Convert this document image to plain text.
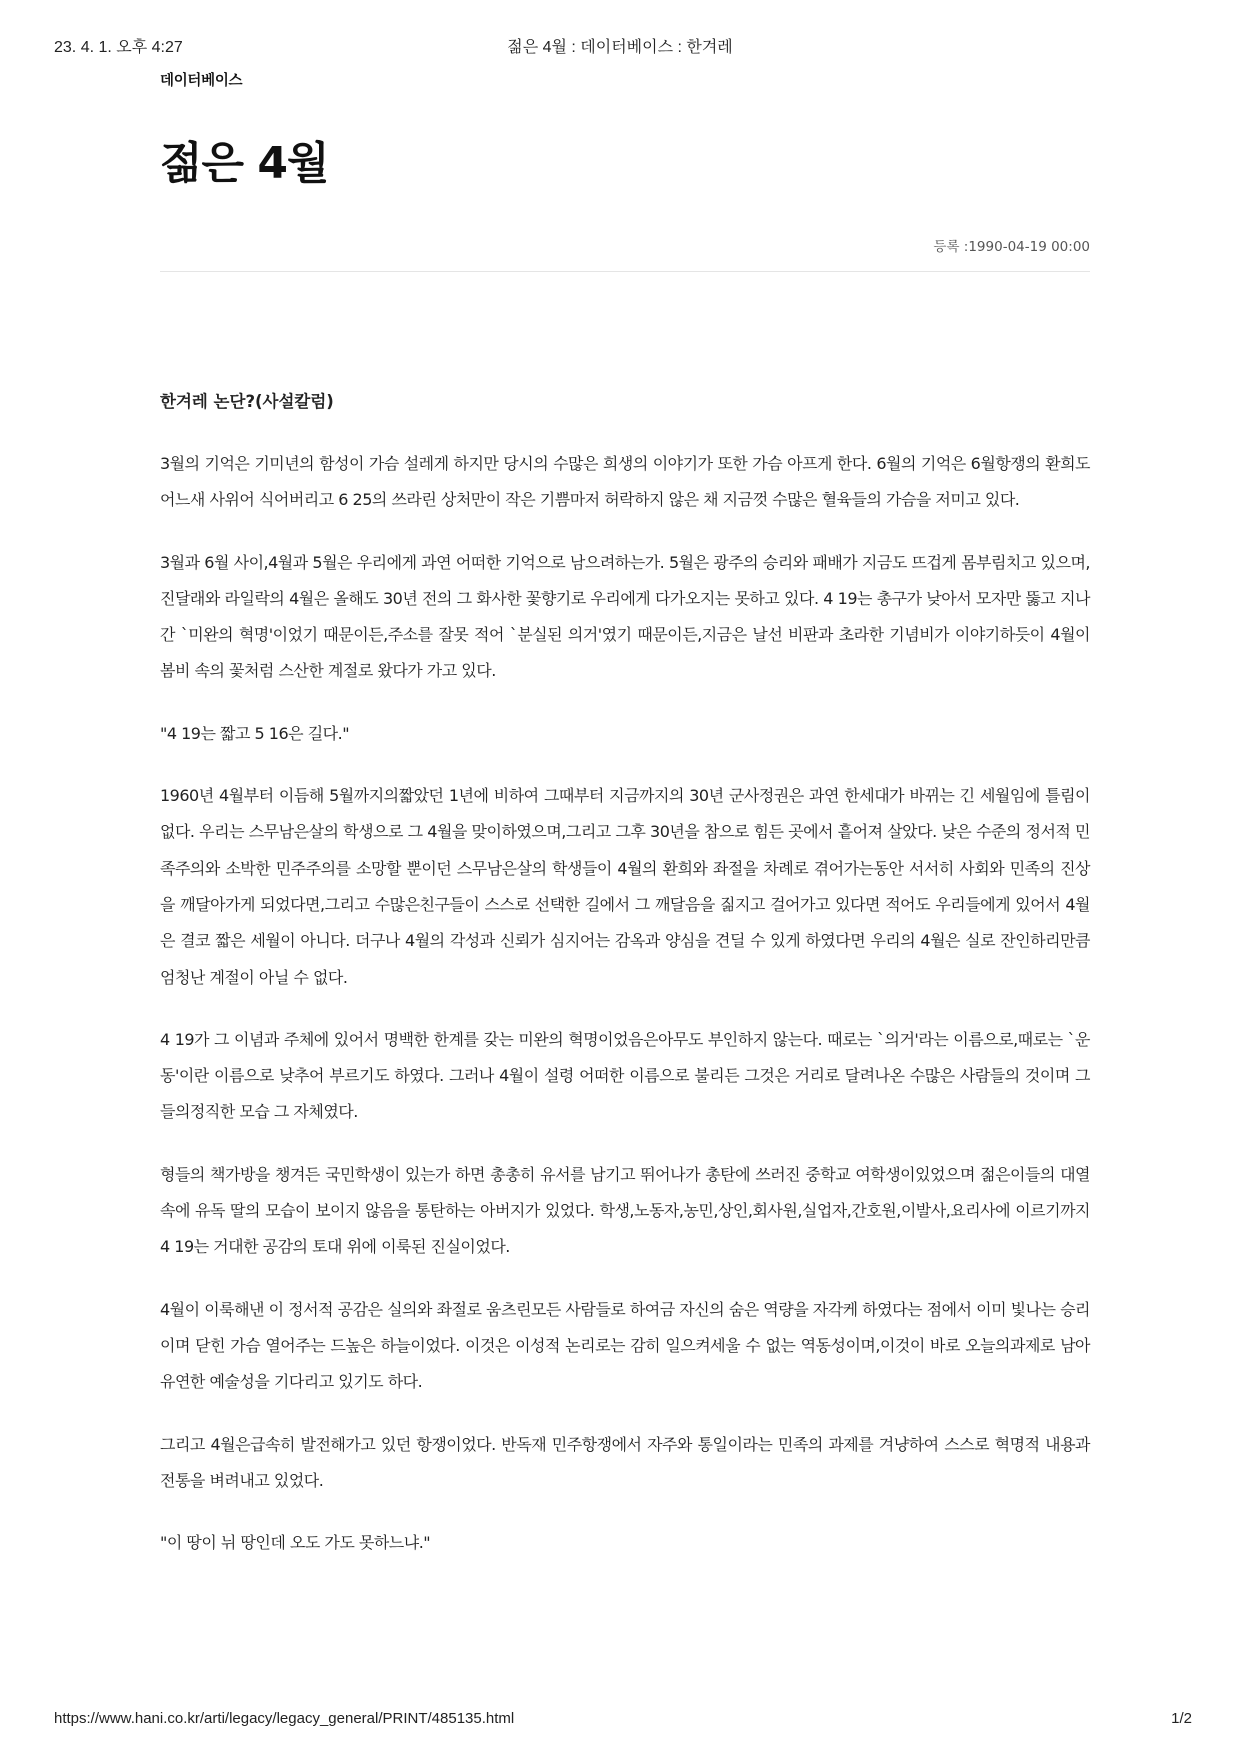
23. 4. 1. 오후 4:27	젊은 4월 : 데이터베이스 : 한겨레
데이터베이스
젊은 4월
등록 :1990-04-19 00:00

한겨레 논단?(사설칼럼)

3월의 기억은 기미년의 함성이 가슴 설레게 하지만 당시의 수많은 희생의 이야기가 또한 가슴 아프게 한다. 6월의 기억은 6월항쟁의 환희도 어느새 사위어 식어버리고 6 25의 쓰라린 상처만이 작은 기쁨마저 허락하지 않은 채 지금껏 수많은 혈육들의 가슴을 저미고 있다.

3월과 6월 사이,4월과 5월은 우리에게 과연 어떠한 기억으로 남으려하는가. 5월은 광주의 승리와 패배가 지금도 뜨겁게 몸부림치고 있으며,진달래와 라일락의 4월은 올해도 30년 전의 그 화사한 꽃향기로 우리에게 다가오지는 못하고 있다. 4 19는 총구가 낮아서 모자만 뚫고 지나간 `미완의 혁명'이었기 때문이든,주소를 잘못 적어 `분실된 의거'였기 때문이든,지금은 날선 비판과 초라한 기념비가 이야기하듯이 4월이 봄비 속의 꽃처럼 스산한 계절로 왔다가 가고 있다.

"4 19는 짧고 5 16은 길다."

1960년 4월부터 이듬해 5월까지의짧았던 1년에 비하여 그때부터 지금까지의 30년 군사정권은 과연 한세대가 바뀌는 긴 세월임에 틀림이 없다. 우리는 스무남은살의 학생으로 그 4월을 맞이하였으며,그리고 그후 30년을 참으로 힘든 곳에서 흩어져 살았다. 낮은 수준의 정서적 민족주의와 소박한 민주주의를 소망할 뿐이던 스무남은살의 학생들이 4월의 환희와 좌절을 차례로 겪어가는동안 서서히 사회와 민족의 진상을 깨달아가게 되었다면,그리고 수많은친구들이 스스로 선택한 길에서 그 깨달음을 짊지고 걸어가고 있다면 적어도 우리들에게 있어서 4월은 결코 짧은 세월이 아니다. 더구나 4월의 각성과 신뢰가 심지어는 감옥과 양심을 견딜 수 있게 하였다면 우리의 4월은 실로 잔인하리만큼 엄청난 계절이 아닐 수 없다.

4 19가 그 이념과 주체에 있어서 명백한 한계를 갖는 미완의 혁명이었음은아무도 부인하지 않는다. 때로는 `의거'라는 이름으로,때로는 `운동'이란 이름으로 낮추어 부르기도 하였다. 그러나 4월이 설령 어떠한 이름으로 불리든 그것은 거리로 달려나온 수많은 사람들의 것이며 그들의정직한 모습 그 자체였다.

형들의 책가방을 챙겨든 국민학생이 있는가 하면 총총히 유서를 남기고 뛰어나가 총탄에 쓰러진 중학교 여학생이있었으며 젊은이들의 대열속에 유독 딸의 모습이 보이지 않음을 통탄하는 아버지가 있었다. 학생,노동자,농민,상인,회사원,실업자,간호원,이발사,요리사에 이르기까지 4 19는 거대한 공감의 토대 위에 이룩된 진실이었다.

4월이 이룩해낸 이 정서적 공감은 실의와 좌절로 움츠린모든 사람들로 하여금 자신의 숨은 역량을 자각케 하였다는 점에서 이미 빛나는 승리이며 닫힌 가슴 열어주는 드높은 하늘이었다. 이것은 이성적 논리로는 감히 일으켜세울 수 없는 역동성이며,이것이 바로 오늘의과제로 남아 유연한 예술성을 기다리고 있기도 하다.

그리고 4월은급속히 발전해가고 있던 항쟁이었다. 반독재 민주항쟁에서 자주와 통일이라는 민족의 과제를 겨냥하여 스스로 혁명적 내용과 전통을 벼려내고 있었다.

"이 땅이 뉘 땅인데 오도 가도 못하느냐."

https://www.hani.co.kr/arti/legacy/legacy_general/PRINT/485135.html	1/2
